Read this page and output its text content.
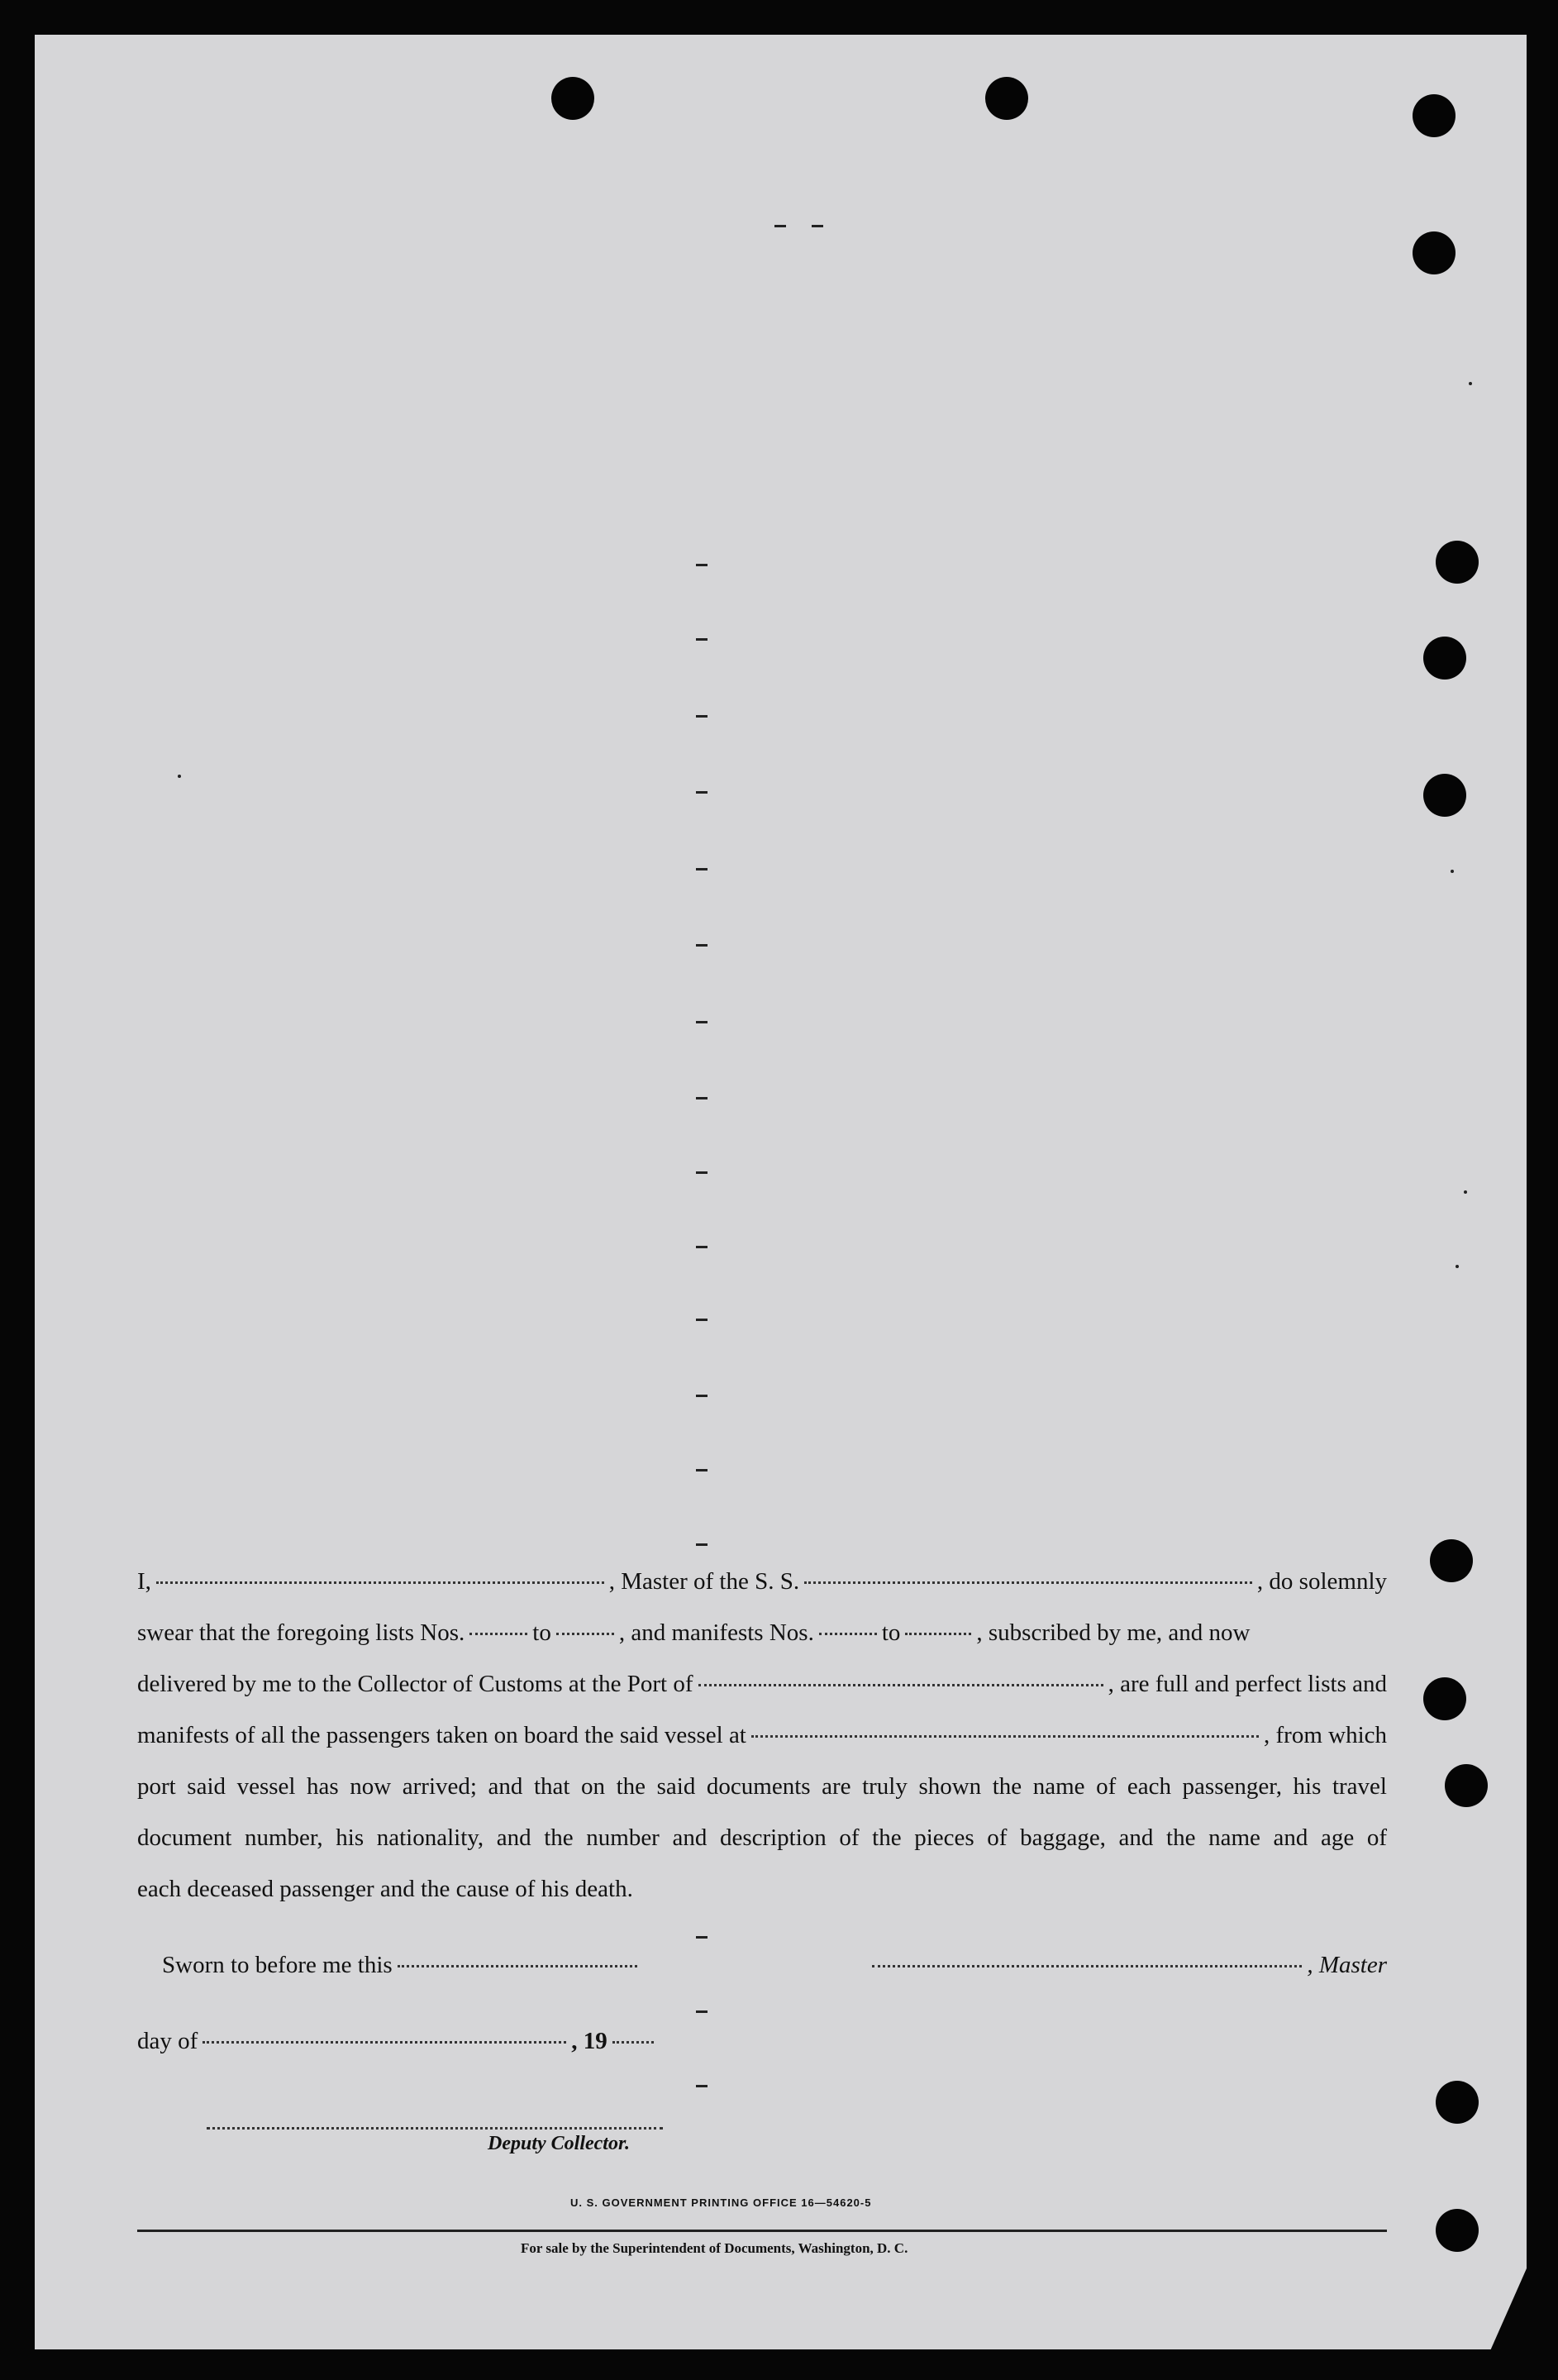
I,	, Master of the S. S.	, do solemnly
swear that the foregoing lists Nos.	to	, and manifests Nos.	to	, subscribed by me, and now
delivered by me to the Collector of Customs at the Port of	, are full and perfect lists and
manifests of all the passengers taken on board the said vessel at	, from which
port said vessel has now arrived; and that on the said documents are truly shown the name of each passenger, his travel
document number, his nationality, and the number and description of the pieces of baggage, and the name and age of
each deceased passenger and the cause of his death.
Sworn to before me this	, Master
day of	, 19
Deputy Collector.
U. S. GOVERNMENT PRINTING OFFICE 16—54620-5
For sale by the Superintendent of Documents, Washington, D. C.
